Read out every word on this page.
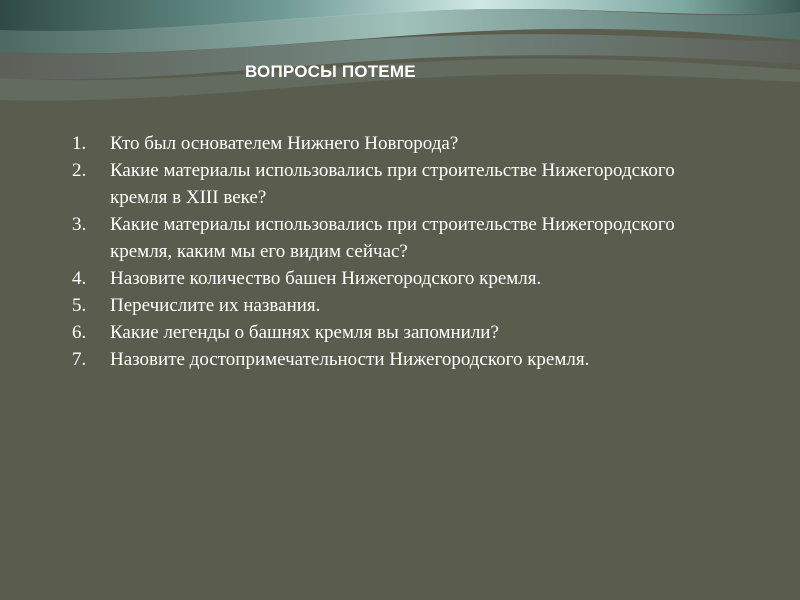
ВОПРОСЫ ПОТЕМЕ
1.	Кто был основателем Нижнего Новгорода?
2.	Какие материалы использовались при строительстве Нижегородского кремля в XIII веке?
3.	Какие материалы использовались при строительстве Нижегородского кремля, каким мы его видим сейчас?
4.	Назовите количество башен Нижегородского кремля.
5.	Перечислите их названия.
6.	Какие легенды о башнях кремля вы запомнили?
7.	Назовите достопримечательности Нижегородского кремля.
